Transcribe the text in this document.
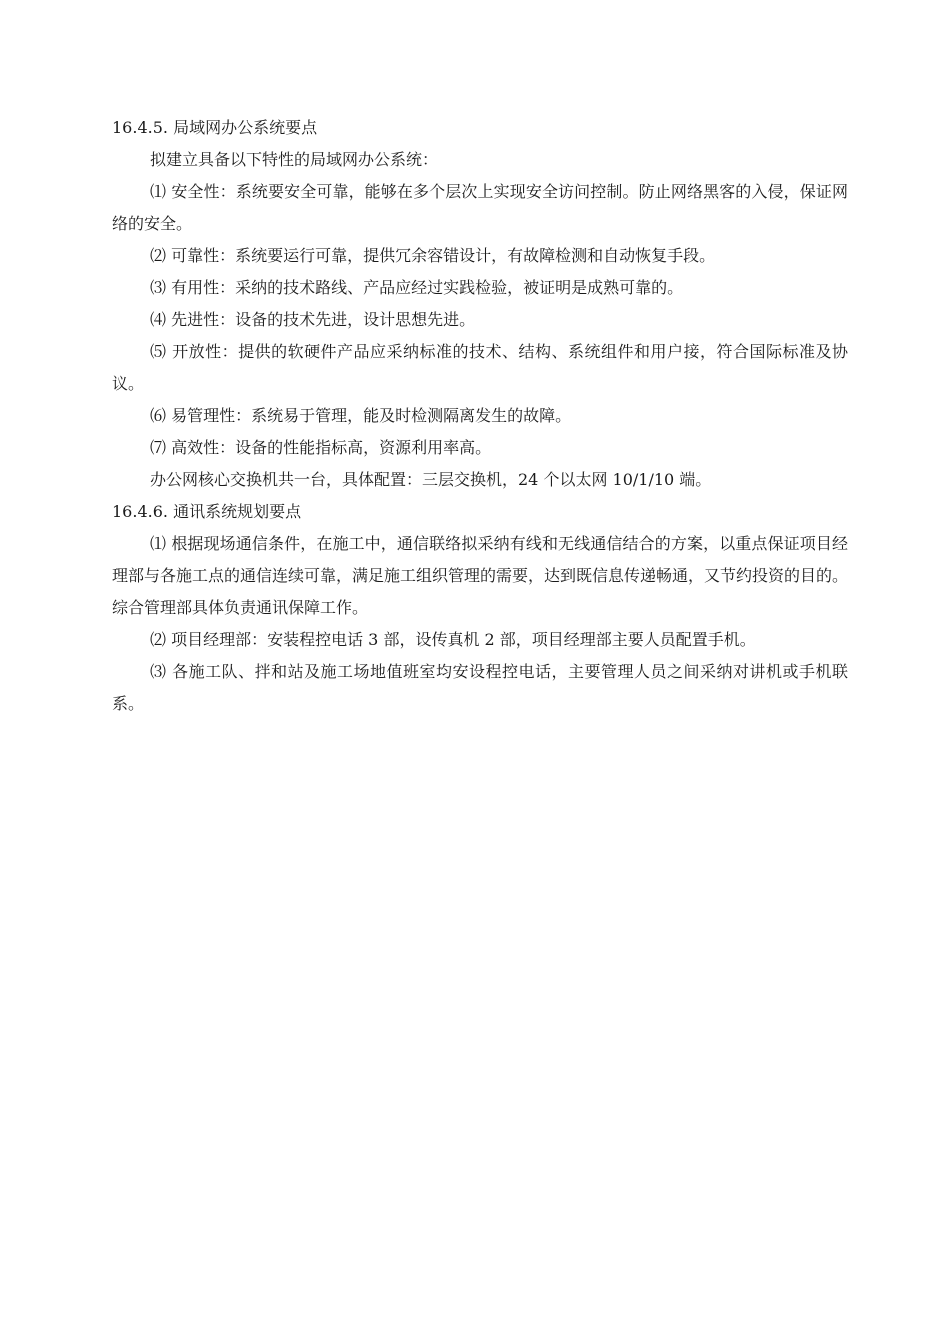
16.4.5. 局域网办公系统要点

拟建立具备以下特性的局域网办公系统：

⑴ 安全性：系统要安全可靠，能够在多个层次上实现安全访问控制。防止网络黑客的入侵，保证网络的安全。

⑵ 可靠性：系统要运行可靠，提供冗余容错设计，有故障检测和自动恢复手段。

⑶ 有用性：采纳的技术路线、产品应经过实践检验，被证明是成熟可靠的。

⑷ 先进性：设备的技术先进，设计思想先进。

⑸ 开放性：提供的软硬件产品应采纳标准的技术、结构、系统组件和用户接，符合国际标准及协议。

⑹ 易管理性：系统易于管理，能及时检测隔离发生的故障。

⑺ 高效性：设备的性能指标高，资源利用率高。

办公网核心交换机共一台，具体配置：三层交换机，24 个以太网 10/1/10 端。

16.4.6. 通讯系统规划要点

⑴ 根据现场通信条件，在施工中，通信联络拟采纳有线和无线通信结合的方案，以重点保证项目经理部与各施工点的通信连续可靠，满足施工组织管理的需要，达到既信息传递畅通，又节约投资的目的。综合管理部具体负责通讯保障工作。

⑵ 项目经理部：安装程控电话 3 部，设传真机 2 部，项目经理部主要人员配置手机。

⑶ 各施工队、拌和站及施工场地值班室均安设程控电话，主要管理人员之间采纳对讲机或手机联系。
